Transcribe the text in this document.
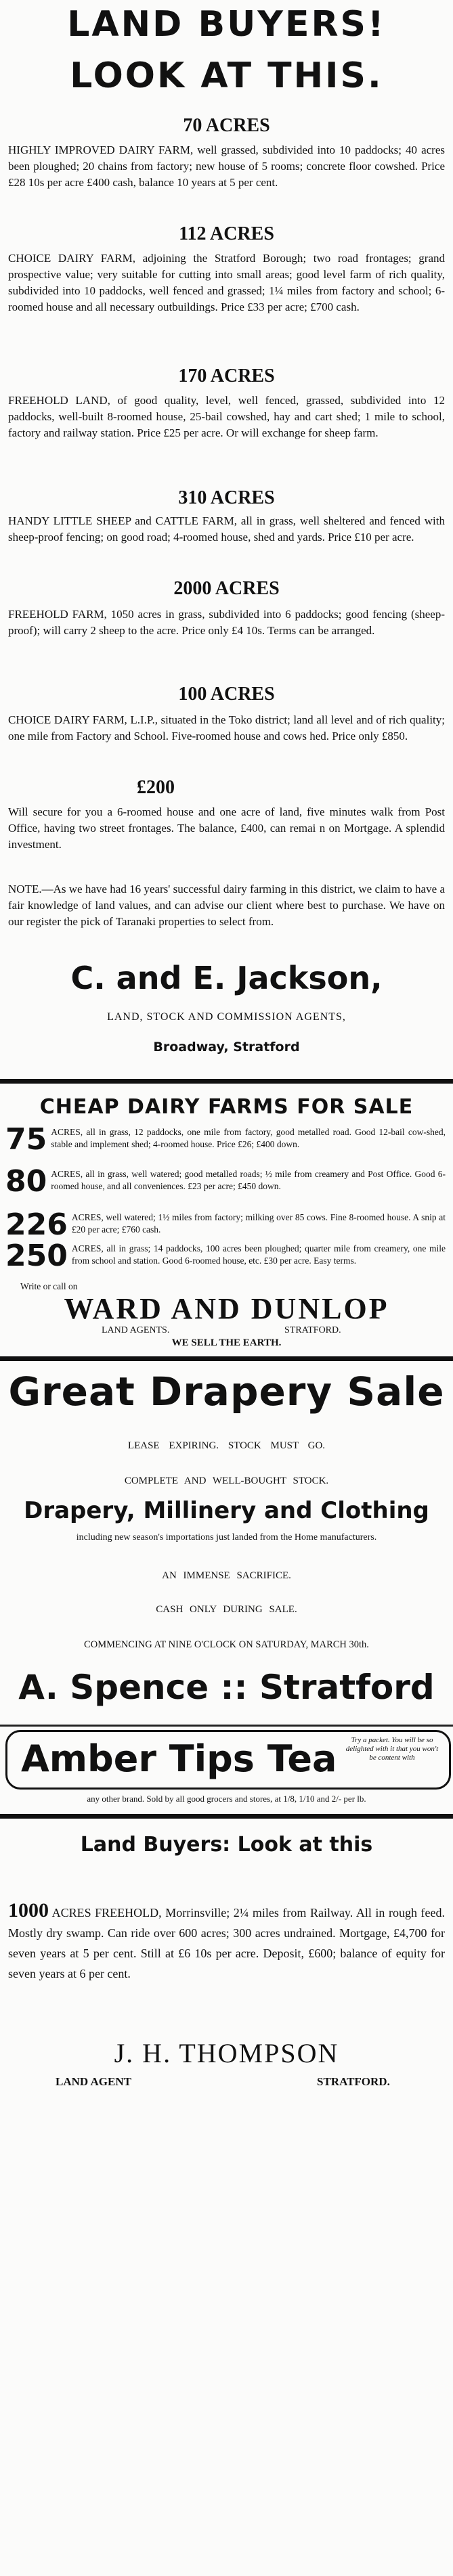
LAND BUYERS!
LOOK AT THIS.
70 ACRES
HIGHLY IMPROVED DAIRY FARM, well grassed, subdivided into 10 paddocks; 40 acres been ploughed; 20 chains from factory; new house of 5 rooms; concrete floor cowshed. Price £28 10s per acre £400 cash, balance 10 years at 5 per cent.
112 ACRES
CHOICE DAIRY FARM, adjoining the Stratford Borough; two road frontages; grand prospective value; very suitable for cutting into small areas; good level farm of rich quality, subdivided into 10 paddocks, well fenced and grassed; 1¼ miles from factory and school; 6-roomed house and all necessary outbuildings. Price £33 per acre; £700 cash.
170 ACRES
FREEHOLD LAND, of good quality, level, well fenced, grassed, subdivided into 12 paddocks, well-built 8-roomed house, 25-bail cowshed, hay and cart shed; 1 mile to school, factory and railway station. Price £25 per acre. Or will exchange for sheep farm.
310 ACRES
HANDY LITTLE SHEEP and CATTLE FARM, all in grass, well sheltered and fenced with sheep-proof fencing; on good road; 4-roomed house, shed and yards. Price £10 per acre.
2000 ACRES
FREEHOLD FARM, 1050 acres in grass, subdivided into 6 paddocks; good fencing (sheep-proof); will carry 2 sheep to the acre. Price only £4 10s. Terms can be arranged.
100 ACRES
CHOICE DAIRY FARM, L.I.P., situated in the Toko district; land all level and of rich quality; one mile from Factory and School. Five-roomed house and cows hed. Price only £850.
£200
Will secure for you a 6-roomed house and one acre of land, five minutes walk from Post Office, having two street frontages. The balance, £400, can remai n on Mortgage. A splendid investment.
NOTE.—As we have had 16 years' successful dairy farming in this district, we claim to have a fair knowledge of land values, and can advise our client where best to purchase. We have on our register the pick of Taranaki properties to select from.
C. and E. Jackson,
LAND, STOCK AND COMMISSION AGENTS,
Broadway, Stratford
CHEAP DAIRY FARMS FOR SALE
75 ACRES, all in grass, 12 paddocks, one mile from factory, good metalled road. Good 12-bail cow-shed, stable and implement shed; 4-roomed house. Price £26; £400 down.
80 ACRES, all in grass, well watered; good metalled roads; ½ mile from creamery and Post Office. Good 6-roomed house, and all conveniences. £23 per acre; £450 down.
226 ACRES, well watered; 1½ miles from factory; milking over 85 cows. Fine 8-roomed house. A snip at £20 per acre; £760 cash.
250 ACRES, all in grass; 14 paddocks, 100 acres been ploughed; quarter mile from creamery, one mile from school and station. Good 6-roomed house, etc. £30 per acre. Easy terms.
Write or call on
WARD AND DUNLOP
LAND AGENTS.	STRATFORD.
WE SELL THE EARTH.
Great Drapery Sale
LEASE EXPIRING. STOCK MUST GO.
COMPLETE AND WELL-BOUGHT STOCK.
Drapery, Millinery and Clothing
including new season's importations just landed from the Home manufacturers.
AN IMMENSE SACRIFICE.
CASH ONLY DURING SALE.
COMMENCING AT NINE O'CLOCK ON SATURDAY, MARCH 30th.
A. Spence :: Stratford
Amber Tips Tea	Try a packet. You will be so delighted with it that you won't be content with
any other brand. Sold by all good grocers and stores, at 1/8, 1/10 and 2/- per lb.
Land Buyers: Look at this
1000 ACRES FREEHOLD, Morrinsville; 2¼ miles from Railway. All in rough feed. Mostly dry swamp. Can ride over 600 acres; 300 acres undrained. Mortgage, £4,700 for seven years at 5 per cent. Still at £6 10s per acre. Deposit, £600; balance of equity for seven years at 6 per cent.
J. H. THOMPSON
LAND AGENT	STRATFORD.
